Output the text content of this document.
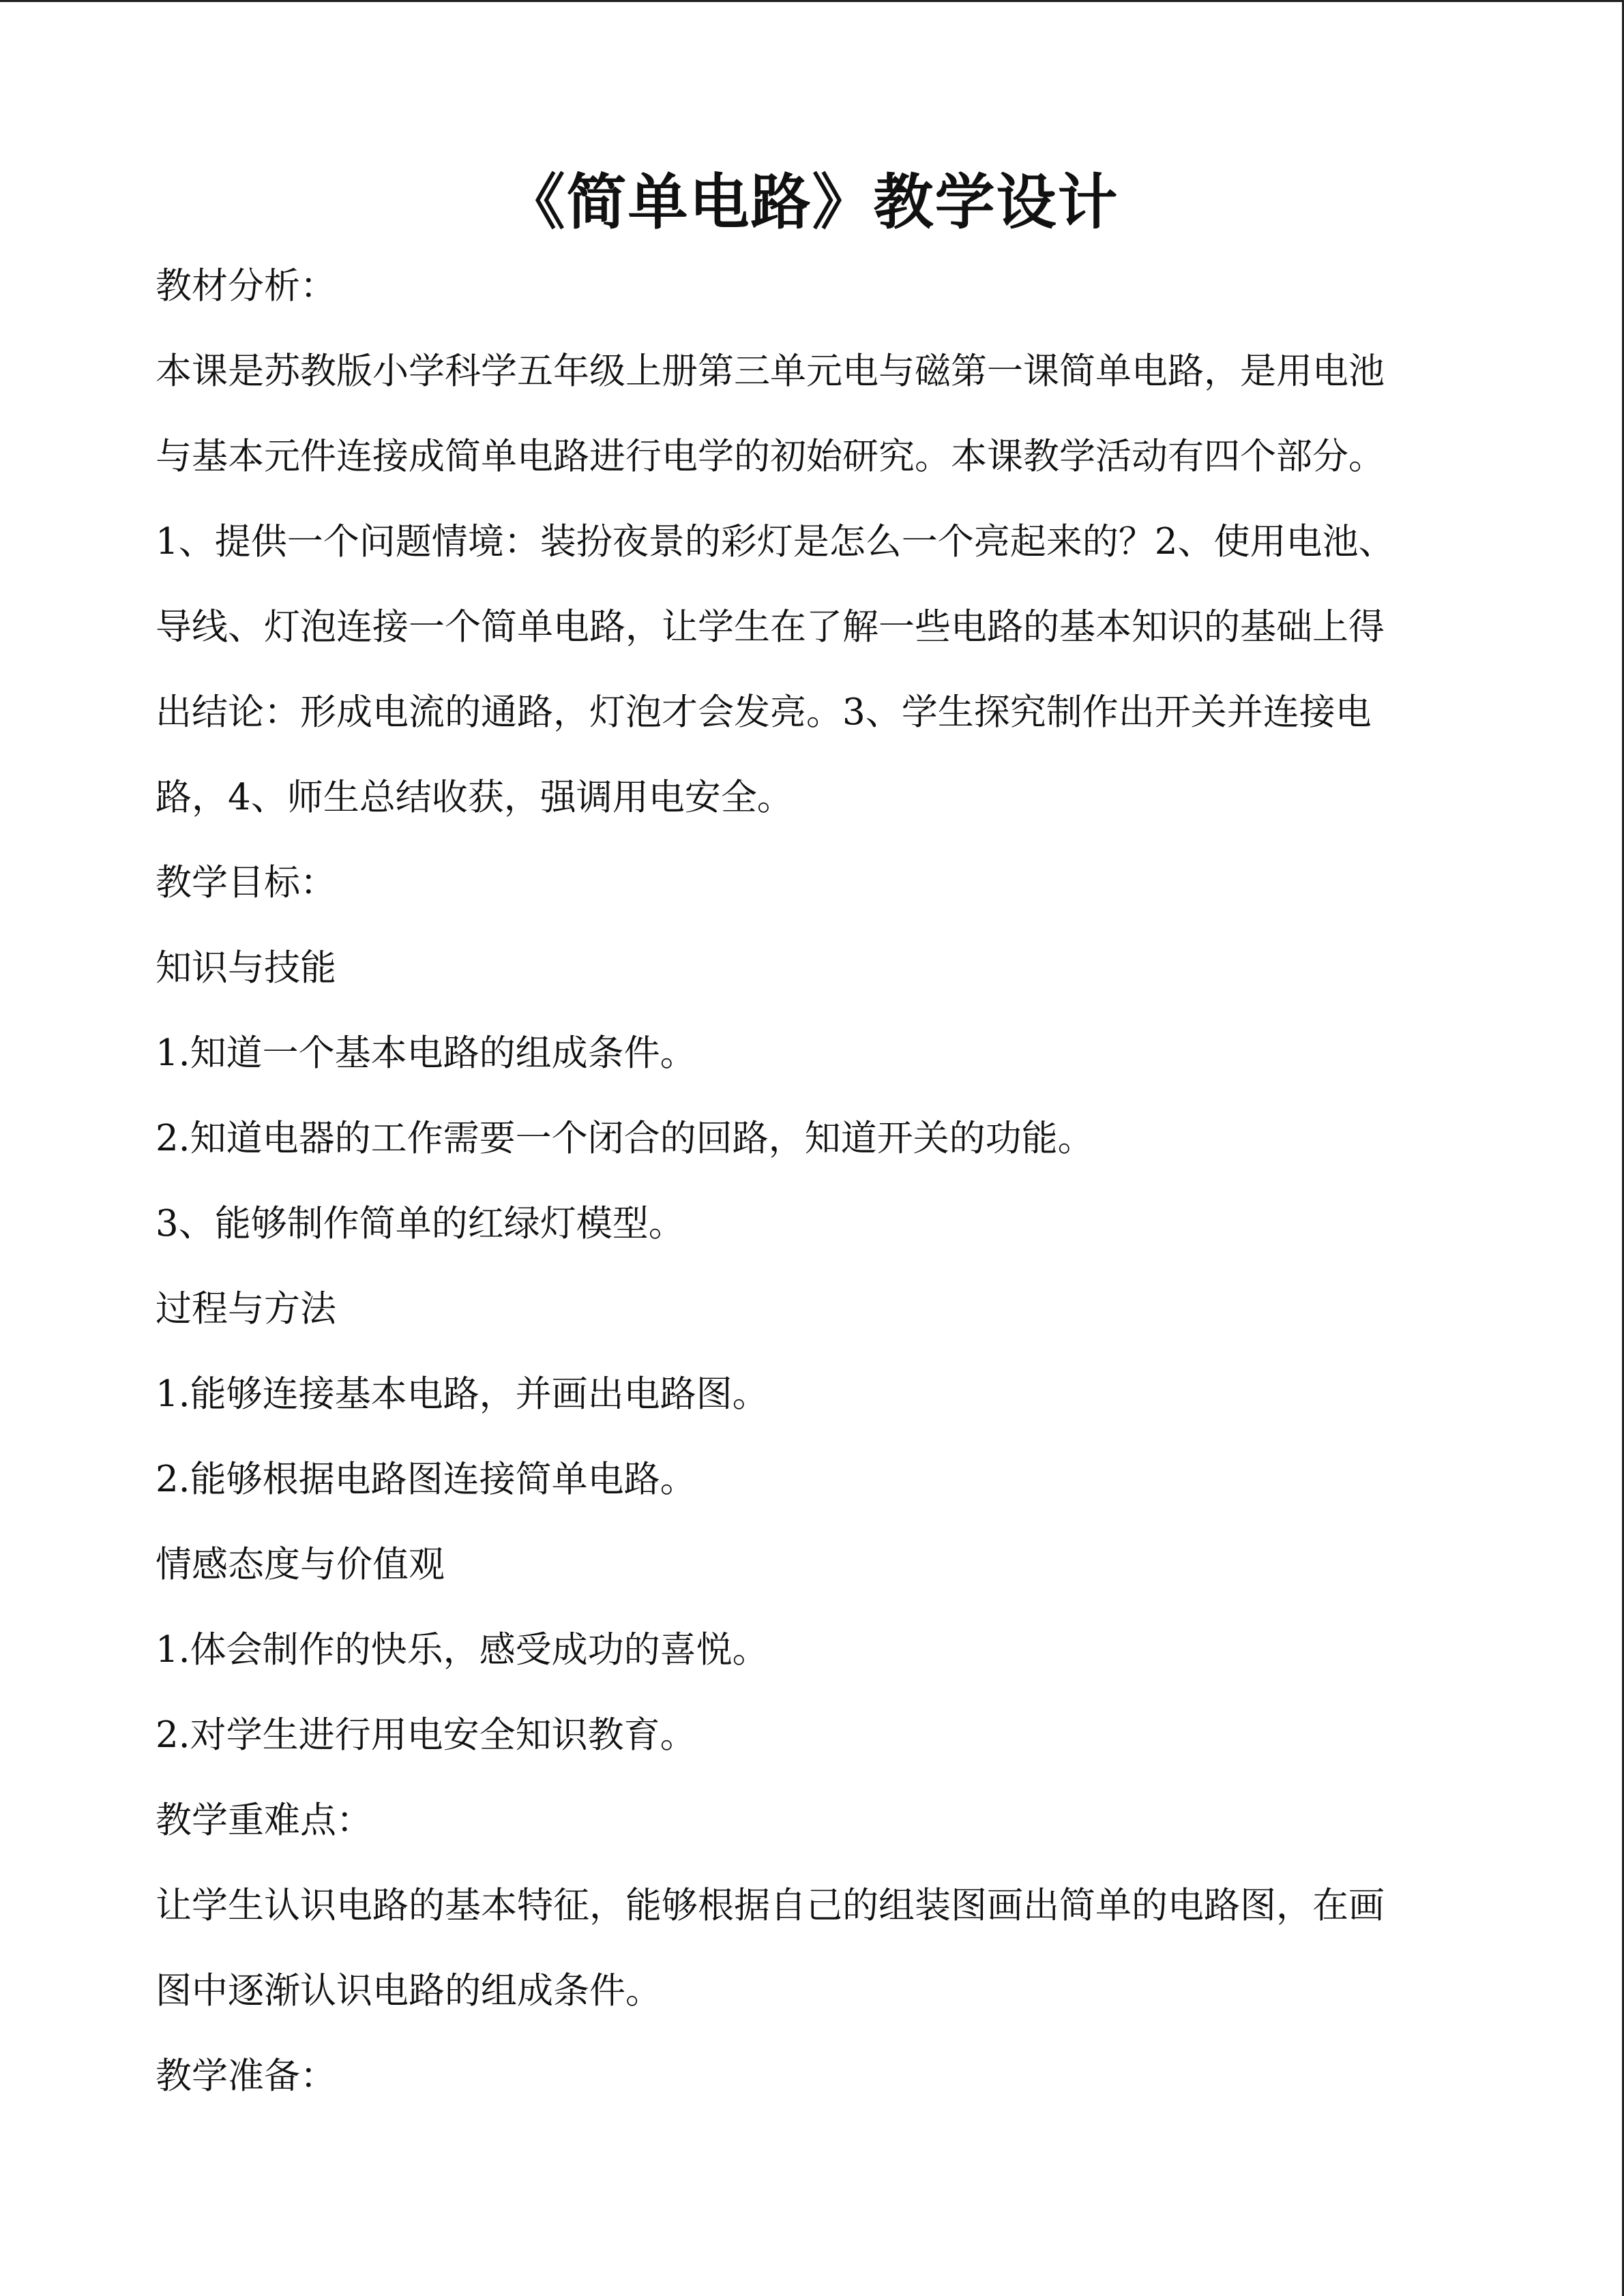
《简单电路》教学设计

教材分析：

本课是苏教版小学科学五年级上册第三单元电与磁第一课简单电路，是用电池

与基本元件连接成简单电路进行电学的初始研究。本课教学活动有四个部分。

1、提供一个问题情境：装扮夜景的彩灯是怎么一个亮起来的？2、使用电池、

导线、灯泡连接一个简单电路，让学生在了解一些电路的基本知识的基础上得

出结论：形成电流的通路，灯泡才会发亮。3、学生探究制作出开关并连接电

路，4、师生总结收获，强调用电安全。

教学目标：

知识与技能

1.知道一个基本电路的组成条件。

2.知道电器的工作需要一个闭合的回路，知道开关的功能。

3、能够制作简单的红绿灯模型。

过程与方法

1.能够连接基本电路，并画出电路图。

2.能够根据电路图连接简单电路。

情感态度与价值观

1.体会制作的快乐，感受成功的喜悦。

2.对学生进行用电安全知识教育。

教学重难点：

让学生认识电路的基本特征，能够根据自己的组装图画出简单的电路图，在画

图中逐渐认识电路的组成条件。

教学准备：
